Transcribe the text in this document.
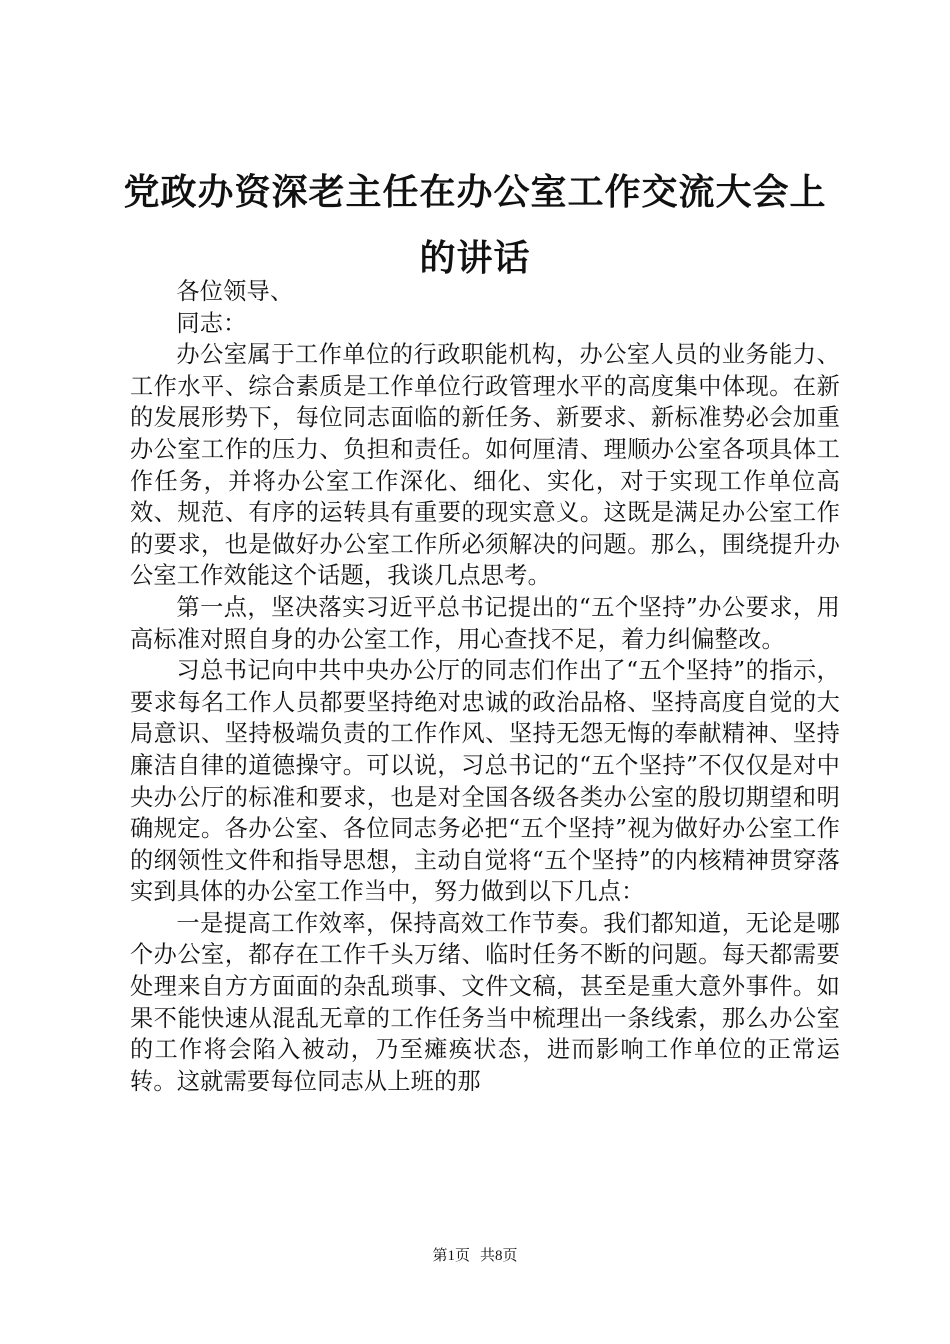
党政办资深老主任在办公室工作交流大会上的讲话

各位领导、

同志：

办公室属于工作单位的行政职能机构，办公室人员的业务能力、工作水平、综合素质是工作单位行政管理水平的高度集中体现。在新的发展形势下，每位同志面临的新任务、新要求、新标准势必会加重办公室工作的压力、负担和责任。如何厘清、理顺办公室各项具体工作任务，并将办公室工作深化、细化、实化，对于实现工作单位高效、规范、有序的运转具有重要的现实意义。这既是满足办公室工作的要求，也是做好办公室工作所必须解决的问题。那么，围绕提升办公室工作效能这个话题，我谈几点思考。

第一点，坚决落实习近平总书记提出的“五个坚持”办公要求，用高标准对照自身的办公室工作，用心查找不足，着力纠偏整改。

习总书记向中共中央办公厅的同志们作出了“五个坚持”的指示，要求每名工作人员都要坚持绝对忠诚的政治品格、坚持高度自觉的大局意识、坚持极端负责的工作作风、坚持无怨无悔的奉献精神、坚持廉洁自律的道德操守。可以说，习总书记的“五个坚持”不仅仅是对中央办公厅的标准和要求，也是对全国各级各类办公室的殷切期望和明确规定。各办公室、各位同志务必把“五个坚持”视为做好办公室工作的纲领性文件和指导思想，主动自觉将“五个坚持”的内核精神贯穿落实到具体的办公室工作当中，努力做到以下几点：

一是提高工作效率，保持高效工作节奏。我们都知道，无论是哪个办公室，都存在工作千头万绪、临时任务不断的问题。每天都需要处理来自方方面面的杂乱琐事、文件文稿，甚至是重大意外事件。如果不能快速从混乱无章的工作任务当中梳理出一条线索，那么办公室的工作将会陷入被动，乃至瘫痪状态，进而影响工作单位的正常运转。这就需要每位同志从上班的那

第1页 共8页
